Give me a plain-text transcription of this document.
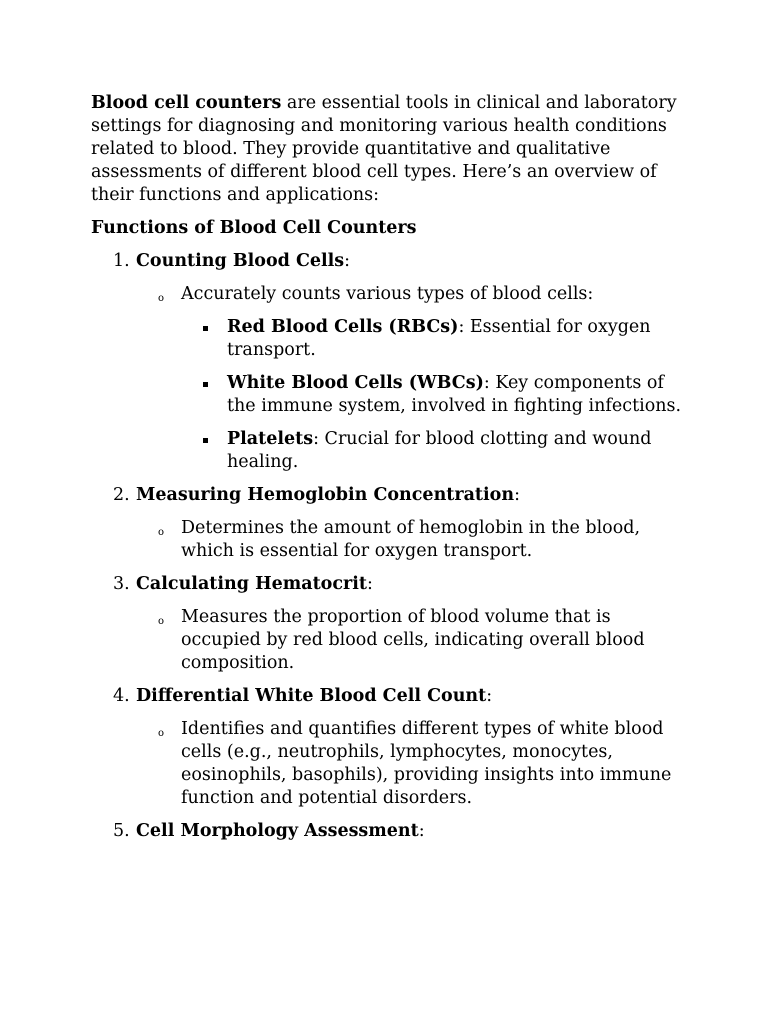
Blood cell counters are essential tools in clinical and laboratory settings for diagnosing and monitoring various health conditions related to blood. They provide quantitative and qualitative assessments of different blood cell types. Here’s an overview of their functions and applications:

Functions of Blood Cell Counters

1. Counting Blood Cells:
o Accurately counts various types of blood cells:
Red Blood Cells (RBCs): Essential for oxygen transport.
White Blood Cells (WBCs): Key components of the immune system, involved in fighting infections.
Platelets: Crucial for blood clotting and wound healing.
2. Measuring Hemoglobin Concentration:
o Determines the amount of hemoglobin in the blood, which is essential for oxygen transport.
3. Calculating Hematocrit:
o Measures the proportion of blood volume that is occupied by red blood cells, indicating overall blood composition.
4. Differential White Blood Cell Count:
o Identifies and quantifies different types of white blood cells (e.g., neutrophils, lymphocytes, monocytes, eosinophils, basophils), providing insights into immune function and potential disorders.
5. Cell Morphology Assessment:
